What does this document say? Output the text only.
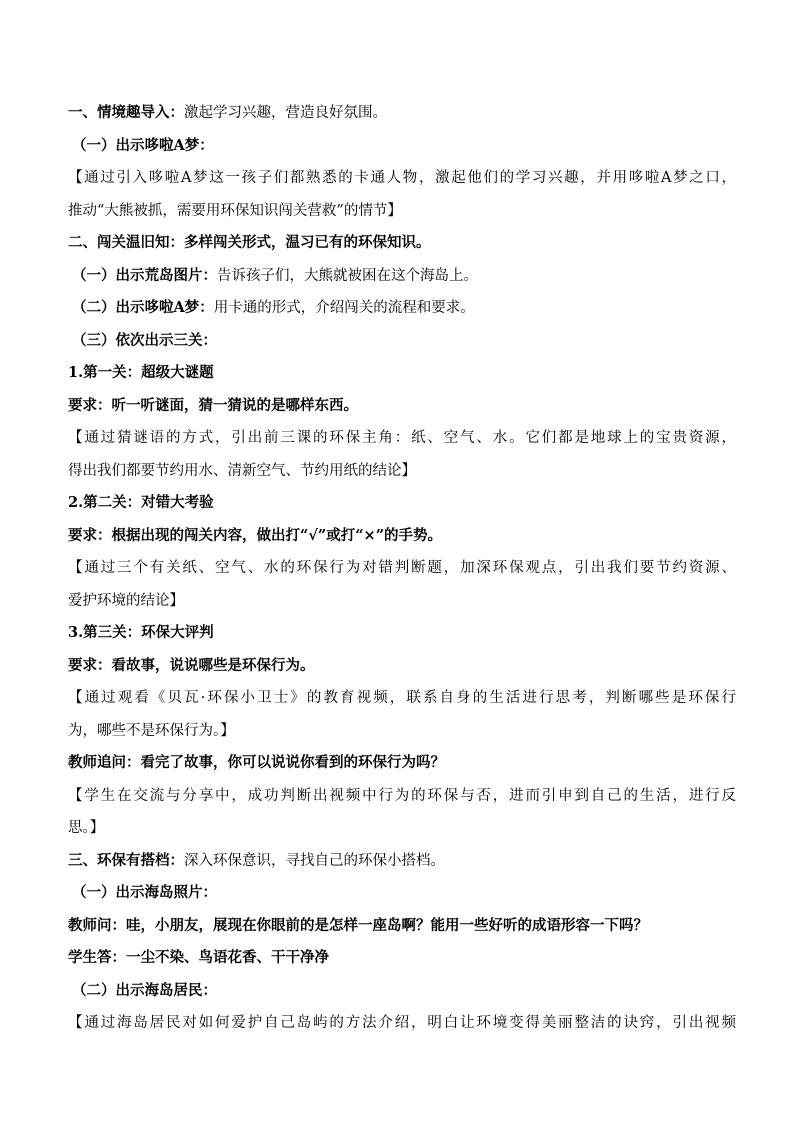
一、情境趣导入：激起学习兴趣，营造良好氛围。
（一）出示哆啦A梦：
【通过引入哆啦A梦这一孩子们都熟悉的卡通人物，激起他们的学习兴趣，并用哆啦A梦之口，
推动“大熊被抓，需要用环保知识闯关营救”的情节】
二、闯关温旧知：多样闯关形式，温习已有的环保知识。
（一）出示荒岛图片：告诉孩子们，大熊就被困在这个海岛上。
（二）出示哆啦A梦：用卡通的形式，介绍闯关的流程和要求。
（三）依次出示三关：
1.第一关：超级大谜题
要求：听一听谜面，猜一猜说的是哪样东西。
【通过猜谜语的方式，引出前三课的环保主角：纸、空气、水。它们都是地球上的宝贵资源，
得出我们都要节约用水、清新空气、节约用纸的结论】
2.第二关：对错大考验
要求：根据出现的闯关内容，做出打“√”或打“×”的手势。
【通过三个有关纸、空气、水的环保行为对错判断题，加深环保观点，引出我们要节约资源、
爱护环境的结论】
3.第三关：环保大评判
要求：看故事，说说哪些是环保行为。
【通过观看《贝瓦·环保小卫士》的教育视频，联系自身的生活进行思考，判断哪些是环保行
为，哪些不是环保行为。】
教师追问：看完了故事，你可以说说你看到的环保行为吗？
【学生在交流与分享中，成功判断出视频中行为的环保与否，进而引申到自己的生活，进行反
思。】
三、环保有搭档：深入环保意识，寻找自己的环保小搭档。
（一）出示海岛照片：
教师问：哇，小朋友，展现在你眼前的是怎样一座岛啊？能用一些好听的成语形容一下吗？
学生答：一尘不染、鸟语花香、干干净净
（二）出示海岛居民：
【通过海岛居民对如何爱护自己岛屿的方法介绍，明白让环境变得美丽整洁的诀窍，引出视频
